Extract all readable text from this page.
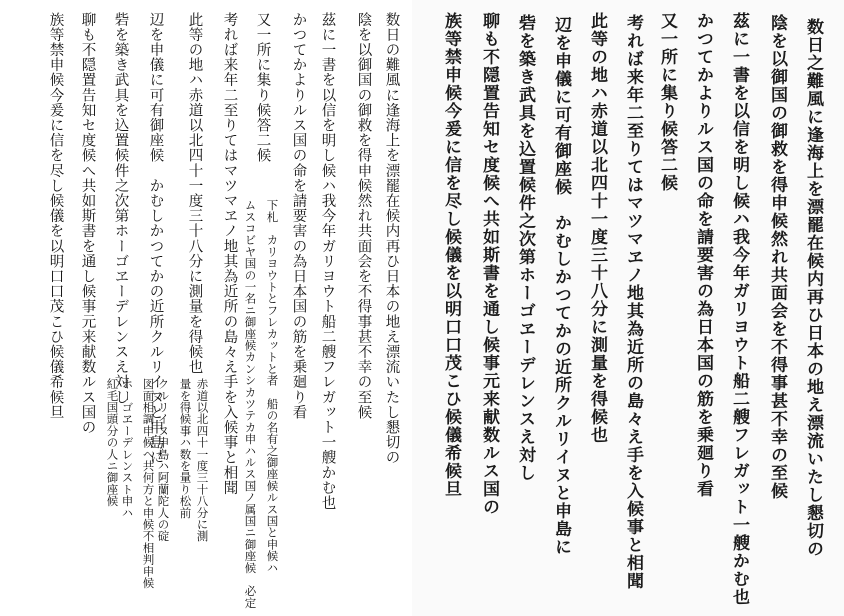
数日の難風に逢海上を漂罷在候内再ひ日本の地え漂流いたし懇切の
陰を以御国の御救を得申候然れ共面会を不得事甚不幸の至候
茲に一書を以信を明し候ハ我今年ガリヨウト船二艘フレガット一艘かむ也
かつてかよりルス国の命を請要害の為日本国の筋を乗廻り看
下札　カリヨウトとフレカットと者　船の名有之御座候ルス国と申候ハ
又一所に集り候答二候
ムスコビヤ国の一名ニ御座候カンシカツテカ申ハルス国ノ属国ニ御座候　必定
考れば来年二至りてはマツマヱノ地其為近所の島々え手を入候事と相聞
此等の地ハ赤道以北四十一度三十八分に測量を得候也
赤道以北四十一度三十八分に測
量を得候事ハ数を量り松前
辺を申儀に可有御座候　かむしかつてかの近所クルリイヌと申島に
クルリイヌ申島ハ阿蘭陀人の碇
図面相調申候へ共何方と申候不相判申候
砦を築き武具を込置候件之次第ホーゴヱーデレンスえ対し
ホーゴヱーデレンスト申ハ
紅毛国頭分の人ニ御座候
聊も不隠置告知セ度候へ共如斯書を通し候事元来献数ルス国の
族等禁申候今爰に信を尽し候儀を以明口口茂こひ候儀希候旦	数日之難風に逢海上を漂罷在候内再ひ日本の地え漂流いたし懇切の
陰を以御国の御救を得申候然れ共面会を不得事甚不幸の至候
茲に一書を以信を明し候ハ我今年ガリヨウト船二艘フレガット一艘かむ也
かつてかよりルス国の命を請要害の為日本国の筋を乗廻り看
又一所に集り候答二候
考れば来年二至りてはマツマヱノ地其為近所の島々え手を入候事と相聞
此等の地ハ赤道以北四十一度三十八分に測量を得候也
辺を申儀に可有御座候　かむしかつてかの近所クルリイヌと申島に
砦を築き武具を込置候件之次第ホーゴヱーデレンスえ対し
聊も不隠置告知セ度候へ共如斯書を通し候事元来献数ルス国の
族等禁申候今爰に信を尽し候儀を以明口口茂こひ候儀希候旦
